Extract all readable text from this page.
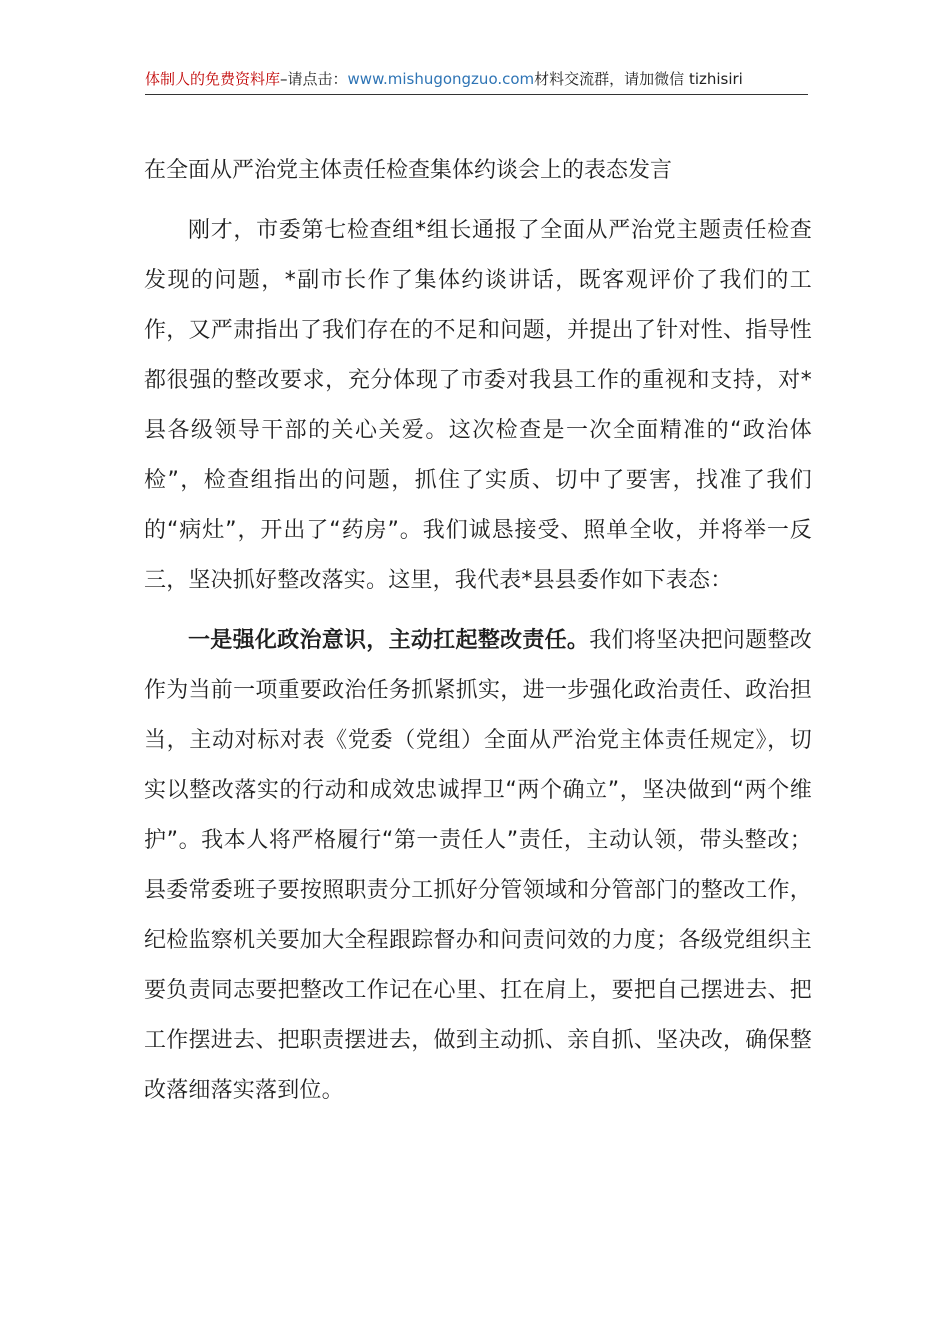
体制人的免费资料库–请点击：www.mishugongzuo.com材料交流群，请加微信 tizhisiri
在全面从严治党主体责任检查集体约谈会上的表态发言

刚才，市委第七检查组*组长通报了全面从严治党主题责任检查发现的问题，*副市长作了集体约谈讲话，既客观评价了我们的工作，又严肃指出了我们存在的不足和问题，并提出了针对性、指导性都很强的整改要求，充分体现了市委对我县工作的重视和支持，对*县各级领导干部的关心关爱。这次检查是一次全面精准的“政治体检”，检查组指出的问题，抓住了实质、切中了要害，找准了我们的“病灶”，开出了“药房”。我们诚恳接受、照单全收，并将举一反三，坚决抓好整改落实。这里，我代表*县县委作如下表态：

一是强化政治意识，主动扛起整改责任。我们将坚决把问题整改作为当前一项重要政治任务抓紧抓实，进一步强化政治责任、政治担当，主动对标对表《党委（党组）全面从严治党主体责任规定》，切实以整改落实的行动和成效忠诚捍卫“两个确立”，坚决做到“两个维护”。我本人将严格履行“第一责任人”责任，主动认领，带头整改；县委常委班子要按照职责分工抓好分管领域和分管部门的整改工作，纪检监察机关要加大全程跟踪督办和问责问效的力度；各级党组织主要负责同志要把整改工作记在心里、扛在肩上，要把自己摆进去、把工作摆进去、把职责摆进去，做到主动抓、亲自抓、坚决改，确保整改落细落实落到位。
